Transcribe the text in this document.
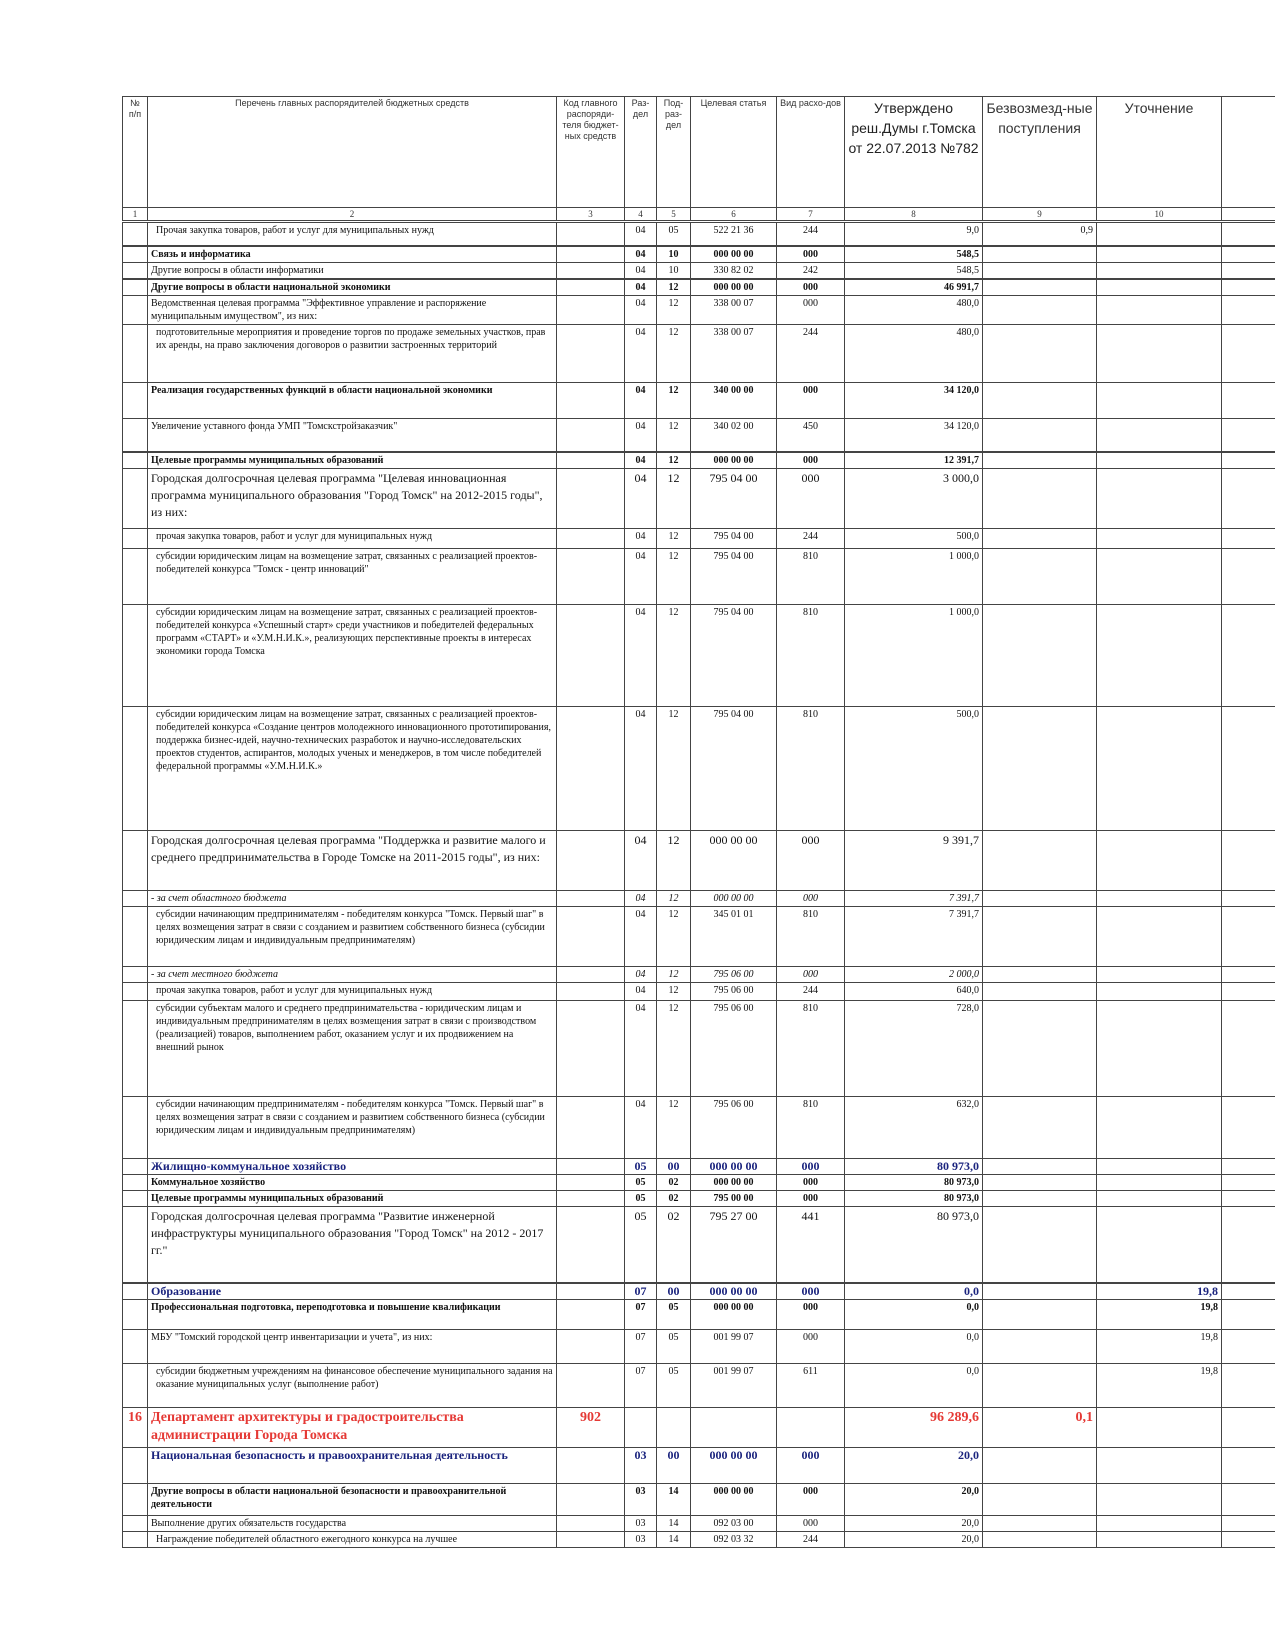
№ п/п	Перечень главных распорядителей бюджетных средств	Код главного распоряди-теля бюджет-ных средств	Раз-дел	Под-раз-дел	Целевая статья	Вид расхо-дов	Утверждено реш.Думы г.Томска от 22.07.2013 №782	Безвозмезд-ные поступления	Уточнение	
1	2	3	4	5	6	7	8	9	10	
	Прочая закупка товаров, работ и услуг для муниципальных нужд		04	05	522 21 36	244	9,0	0,9		
	Связь и информатика		04	10	000 00 00	000	548,5			
	Другие вопросы в области информатики		04	10	330 82 02	242	548,5			
	Другие вопросы в области национальной экономики		04	12	000 00 00	000	46 991,7			
	Ведомственная целевая программа "Эффективное управление и распоряжение муниципальным имуществом", из них:		04	12	338 00 07	000	480,0			
	подготовительные мероприятия и проведение торгов по продаже земельных участков, прав их аренды, на право заключения договоров о развитии застроенных территорий		04	12	338 00 07	244	480,0			
	Реализация государственных функций в области национальной экономики		04	12	340 00 00	000	34 120,0			
	Увеличение уставного фонда УМП "Томскстройзаказчик"		04	12	340 02 00	450	34 120,0			
	Целевые программы муниципальных образований		04	12	000 00 00	000	12 391,7			
	Городская долгосрочная целевая программа "Целевая инновационная программа муниципального образования "Город Томск" на 2012-2015 годы", из них:		04	12	795 04 00	000	3 000,0			
	прочая закупка товаров, работ и услуг для муниципальных нужд		04	12	795 04 00	244	500,0			
	субсидии юридическим лицам на возмещение затрат, связанных с реализацией проектов-победителей конкурса "Томск - центр инноваций"		04	12	795 04 00	810	1 000,0			
	субсидии юридическим лицам на возмещение затрат, связанных с реализацией проектов-победителей конкурса «Успешный старт» среди участников и победителей федеральных программ «СТАРТ» и «У.М.Н.И.К.», реализующих перспективные проекты в интересах экономики города Томска		04	12	795 04 00	810	1 000,0			
	субсидии юридическим лицам на возмещение затрат, связанных с реализацией проектов-победителей конкурса «Создание центров молодежного инновационного прототипирования, поддержка бизнес-идей, научно-технических разработок и научно-исследовательских проектов студентов, аспирантов, молодых ученых и менеджеров, в том числе победителей федеральной программы «У.М.Н.И.К.»		04	12	795 04 00	810	500,0			
	Городская долгосрочная целевая программа "Поддержка и развитие малого и среднего предпринимательства в Городе Томске на 2011-2015 годы", из них:		04	12	000 00 00	000	9 391,7			
	- за счет областного бюджета		04	12	000 00 00	000	7 391,7			
	субсидии начинающим предпринимателям - победителям конкурса "Томск. Первый шаг" в целях возмещения затрат в связи с созданием и развитием собственного бизнеса (субсидии юридическим лицам и индивидуальным предпринимателям)		04	12	345 01 01	810	7 391,7			
	- за счет местного бюджета		04	12	795 06 00	000	2 000,0			
	прочая закупка товаров, работ и услуг для муниципальных нужд		04	12	795 06 00	244	640,0			
	субсидии субъектам малого и среднего предпринимательства - юридическим лицам и индивидуальным предпринимателям в целях возмещения затрат в связи с производством (реализацией) товаров, выполнением работ, оказанием услуг и их продвижением на внешний рынок		04	12	795 06 00	810	728,0			
	субсидии начинающим предпринимателям - победителям конкурса "Томск. Первый шаг" в целях возмещения затрат в связи с созданием и развитием собственного бизнеса (субсидии юридическим лицам и индивидуальным предпринимателям)		04	12	795 06 00	810	632,0			
	Жилищно-коммунальное хозяйство		05	00	000 00 00	000	80 973,0			
	Коммунальное хозяйство		05	02	000 00 00	000	80 973,0			
	Целевые программы муниципальных образований		05	02	795 00 00	000	80 973,0			
	Городская долгосрочная целевая программа "Развитие инженерной инфраструктуры муниципального образования "Город Томск" на 2012 - 2017 гг."		05	02	795 27 00	441	80 973,0			
	Образование		07	00	000 00 00	000	0,0		19,8	
	Профессиональная подготовка, переподготовка и повышение квалификации		07	05	000 00 00	000	0,0		19,8	
	МБУ "Томский городской центр инвентаризации и учета", из них:		07	05	001 99 07	000	0,0		19,8	
	субсидии бюджетным учреждениям на финансовое обеспечение муниципального задания на оказание муниципальных услуг (выполнение работ)		07	05	001 99 07	611	0,0		19,8	
16	Департамент архитектуры и градостроительства администрации Города Томска	902					96 289,6	0,1		
	Национальная безопасность и правоохранительная деятельность		03	00	000 00 00	000	20,0			
	Другие вопросы в области национальной безопасности и правоохранительной деятельности		03	14	000 00 00	000	20,0			
	Выполнение других обязательств государства		03	14	092 03 00	000	20,0			
	Награждение победителей областного ежегодного конкурса на лучшее		03	14	092 03 32	244	20,0			
